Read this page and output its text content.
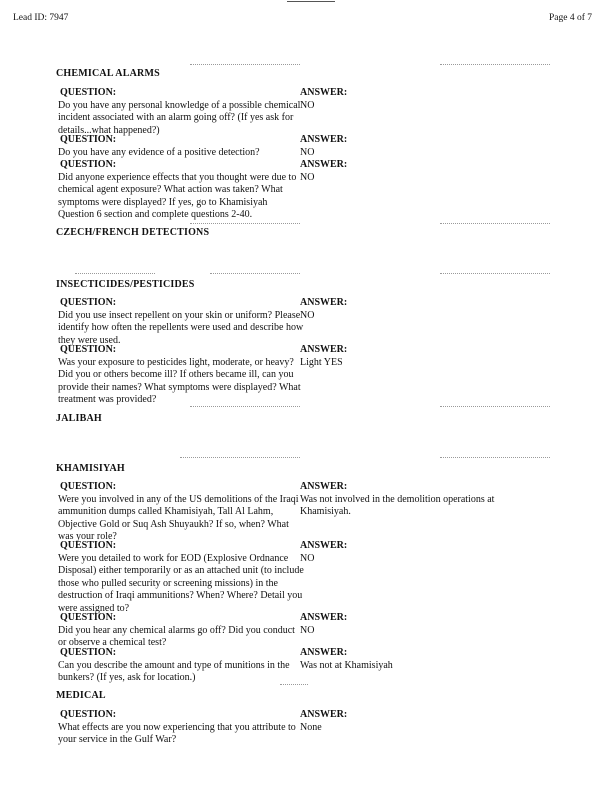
Lead ID: 7947	Page 4 of 7
CHEMICAL ALARMS
QUESTION:
Do you have any personal knowledge of a possible chemical incident associated with an alarm going off? (If yes ask for details...what happened?)
ANSWER:
NO
QUESTION:
Do you have any evidence of a positive detection?
ANSWER:
NO
QUESTION:
Did anyone experience effects that you thought were due to chemical agent exposure? What action was taken? What symptoms were displayed? If yes, go to Khamisiyah Question 6 section and complete questions 2-40.
ANSWER:
NO
CZECH/FRENCH DETECTIONS
INSECTICIDES/PESTICIDES
QUESTION:
Did you use insect repellent on your skin or uniform? Please identify how often the repellents were used and describe how they were used.
ANSWER:
NO
QUESTION:
Was your exposure to pesticides light, moderate, or heavy? Did you or others become ill? If others became ill, can you provide their names? What symptoms were displayed? What treatment was provided?
ANSWER:
Light YES
JALIBAH
KHAMISIYAH
QUESTION:
Were you involved in any of the US demolitions of the Iraqi ammunition dumps called Khamisiyah, Tall Al Lahm, Objective Gold or Suq Ash Shuyaukh? If so, when? What was your role?
ANSWER:
Was not involved in the demolition operations at Khamisiyah.
QUESTION:
Were you detailed to work for EOD (Explosive Ordnance Disposal) either temporarily or as an attached unit (to include those who pulled security or screening missions) in the destruction of Iraqi ammunitions? When? Where? Detail you were assigned to?
ANSWER:
NO
QUESTION:
Did you hear any chemical alarms go off? Did you conduct or observe a chemical test?
ANSWER:
NO
QUESTION:
Can you describe the amount and type of munitions in the bunkers? (If yes, ask for location.)
ANSWER:
Was not at Khamisiyah
MEDICAL
QUESTION:
What effects are you now experiencing that you attribute to your service in the Gulf War?
ANSWER:
None
